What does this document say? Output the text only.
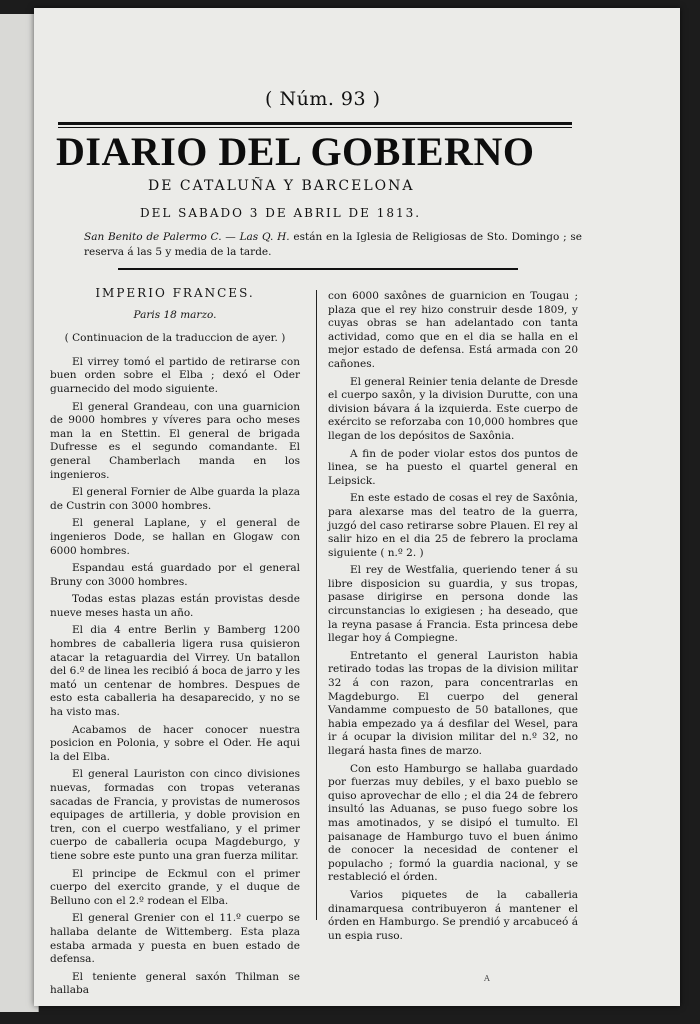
( Núm. 93 )
DIARIO DEL GOBIERNO
DE CATALUÑA Y BARCELONA
DEL SABADO 3 DE ABRIL DE 1813.
San Benito de Palermo C. — Las Q. H. están en la Iglesia de Religiosas de Sto. Domingo ; se reserva á las 5 y media de la tarde.
IMPERIO FRANCES.
Paris 18 marzo.
( Continuacion de la traduccion de ayer. )

El virrey tomó el partido de retirarse con buen orden sobre el Elba ; dexó el Oder guarnecido del modo siguiente.

El general Grandeau, con una guarnicion de 9000 hombres y víveres para ocho meses man la en Stettin. El general de brigada Dufresse es el segundo comandante. El general Chamberlach manda en los ingenieros.

El general Fornier de Albe guarda la plaza de Custrin con 3000 hombres.

El general Laplane, y el general de ingenieros Dode, se hallan en Glogaw con 6000 hombres.

Espandau está guardado por el general Bruny con 3000 hombres.

Todas estas plazas están provistas desde nueve meses hasta un año.

El dia 4 entre Berlin y Bamberg 1200 hombres de caballeria ligera rusa quisieron atacar la retaguardia del Virrey. Un batallon del 6.º de linea les recibió á boca de jarro y les mató un centenar de hombres. Despues de esto esta caballeria ha desaparecido, y no se ha visto mas.

Acabamos de hacer conocer nuestra posicion en Polonia, y sobre el Oder. He aqui la del Elba.

El general Lauriston con cinco divisiones nuevas, formadas con tropas veteranas sacadas de Francia, y provistas de numerosos equipages de artilleria, y doble provision en tren, con el cuerpo westfaliano, y el primer cuerpo de caballeria ocupa Magdeburgo, y tiene sobre este punto una gran fuerza militar.

El principe de Eckmul con el primer cuerpo del exercito grande, y el duque de Belluno con el 2.º rodean el Elba.

El general Grenier con el 11.º cuerpo se hallaba delante de Wittemberg. Esta plaza estaba armada y puesta en buen estado de defensa.

El teniente general saxón Thilman se hallaba

con 6000 saxônes de guarnicion en Tougau ; plaza que el rey hizo construir desde 1809, y cuyas obras se han adelantado con tanta actividad, como que en el dia se halla en el mejor estado de defensa. Está armada con 20 cañones.

El general Reinier tenia delante de Dresde el cuerpo saxôn, y la division Durutte, con una division bávara á la izquierda. Este cuerpo de exército se reforzaba con 10,000 hombres que llegan de los depósitos de Saxônia.

A fin de poder violar estos dos puntos de linea, se ha puesto el quartel general en Leipsick.

En este estado de cosas el rey de Saxônia, para alexarse mas del teatro de la guerra, juzgó del caso retirarse sobre Plauen. El rey al salir hizo en el dia 25 de febrero la proclama siguiente ( n.º 2. )

El rey de Westfalia, queriendo tener á su libre disposicion su guardia, y sus tropas, pasase dirigirse en persona donde las circunstancias lo exigiesen ; ha deseado, que la reyna pasase á Francia. Esta princesa debe llegar hoy á Compiegne.

Entretanto el general Lauriston habia retirado todas las tropas de la division militar 32 á con razon, para concentrarlas en Magdeburgo. El cuerpo del general Vandamme compuesto de 50 batallones, que habia empezado ya á desfilar del Wesel, para ir á ocupar la division militar del n.º 32, no llegará hasta fines de marzo.

Con esto Hamburgo se hallaba guardado por fuerzas muy debiles, y el baxo pueblo se quiso aprovechar de ello ; el dia 24 de febrero insultó las Aduanas, se puso fuego sobre los mas amotinados, y se disipó el tumulto. El paisanage de Hamburgo tuvo el buen ánimo de conocer la necesidad de contener el populacho ; formó la guardia nacional, y se restableció el órden.

Varios piquetes de la caballeria dinamarquesa contribuyeron á mantener el órden en Hamburgo. Se prendió y arcabuceó á un espia ruso.

A
